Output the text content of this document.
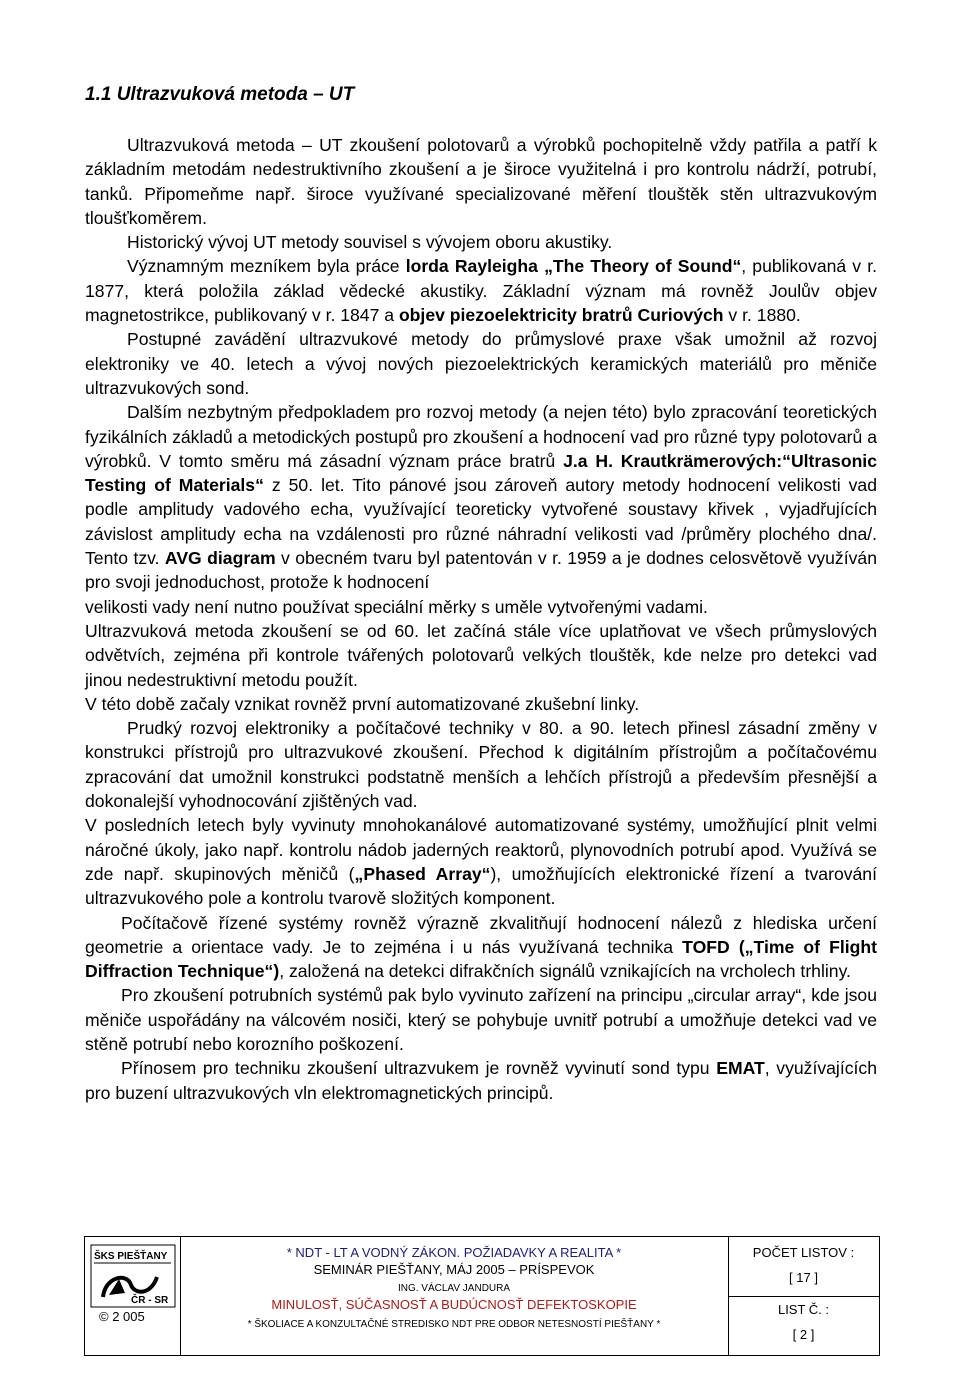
1.1 Ultrazvuková metoda – UT

Ultrazvuková metoda – UT zkoušení polotovarů a výrobků pochopitelně vždy patřila a patří k základním metodám nedestruktivního zkoušení a je široce využitelná i pro kontrolu nádrží, potrubí, tanků. Připomeňme např. široce využívané specializované měření tlouštěk stěn ultrazvukovým tloušťkoměrem.

Historický vývoj UT metody souvisel s vývojem oboru akustiky.

Významným mezníkem byla práce lorda Rayleigha „The Theory of Sound“, publikovaná v r. 1877, která položila základ vědecké akustiky. Základní význam má rovněž Joulův objev magnetostrikce, publikovaný v r. 1847 a objev piezoelektricity bratrů Curiových v r. 1880.

Postupné zavádění ultrazvukové metody do průmyslové praxe však umožnil až rozvoj elektroniky ve 40. letech a vývoj nových piezoelektrických keramických materiálů pro měniče ultrazvukových sond.

Dalším nezbytným předpokladem pro rozvoj metody (a nejen této) bylo zpracování teoretických fyzikálních základů a metodických postupů pro zkoušení a hodnocení vad pro různé typy polotovarů a výrobků. V tomto směru má zásadní význam práce bratrů J.a H. Krautkrämerových:“Ultrasonic Testing of Materials“ z 50. let. Tito pánové jsou zároveň autory metody hodnocení velikosti vad podle amplitudy vadového echa, využívající teoreticky vytvořené soustavy křivek , vyjadřujících závislost amplitudy echa na vzdálenosti pro různé náhradní velikosti vad /průměry plochého dna/. Tento tzv. AVG diagram v obecném tvaru byl patentován v r. 1959 a je dodnes celosvětově využíván pro svoji jednoduchost, protože k hodnocení

velikosti vady není nutno používat speciální měrky s uměle vytvořenými vadami.

Ultrazvuková metoda zkoušení se od 60. let začíná stále více uplatňovat ve všech průmyslových odvětvích, zejména při kontrole tvářených polotovarů velkých tlouštěk, kde nelze pro detekci vad jinou nedestruktivní metodu použít.

V této době začaly vznikat rovněž první automatizované zkušební linky.

Prudký rozvoj elektroniky a počítačové techniky v 80. a 90. letech přinesl zásadní změny v konstrukci přístrojů pro ultrazvukové zkoušení. Přechod k digitálním přístrojům a počítačovému zpracování dat umožnil konstrukci podstatně menších a lehčích přístrojů a především přesnější a dokonalejší vyhodnocování zjištěných vad.

V posledních letech byly vyvinuty mnohokanálové automatizované systémy, umožňující plnit velmi náročné úkoly, jako např. kontrolu nádob jaderných reaktorů, plynovodních potrubí apod. Využívá se zde např. skupinových měničů („Phased Array“), umožňujících elektronické řízení a tvarování ultrazvukového pole a kontrolu tvarově složitých komponent.

Počítačově řízené systémy rovněž výrazně zkvalitňují hodnocení nálezů z hlediska určení geometrie a orientace vady. Je to zejména i u nás využívaná technika TOFD („Time of Flight Diffraction Technique“), založená na detekci difrakčních signálů vznikajících na vrcholech trhliny.

Pro zkoušení potrubních systémů pak bylo vyvinuto zařízení na principu „circular array“, kde jsou měniče uspořádány na válcovém nosiči, který se pohybuje uvnitř potrubí a umožňuje detekci vad ve stěně potrubí nebo korozního poškození.

Přínosem pro techniku zkoušení ultrazvukem je rovněž vyvinutí sond typu EMAT, využívajících pro buzení ultrazvukových vln elektromagnetických principů.

ŠKS PIEŠŤANY
ČR - SR
© 2 005
* NDT - LT A VODNÝ ZÁKON. POŽIADAVKY A REALITA *
SEMINÁR PIEŠŤANY, MÁJ 2005 – PRÍSPEVOK
ING. VÁCLAV JANDURA
MINULOSŤ, SÚČASNOSŤ A BUDÚCNOSŤ DEFEKTOSKOPIE
* ŠKOLIACE A KONZULTAČNÉ STREDISKO NDT PRE ODBOR NETESNOSTÍ PIEŠŤANY *
POČET LISTOV :
[ 17 ]
LIST Č. :
[ 2 ]
